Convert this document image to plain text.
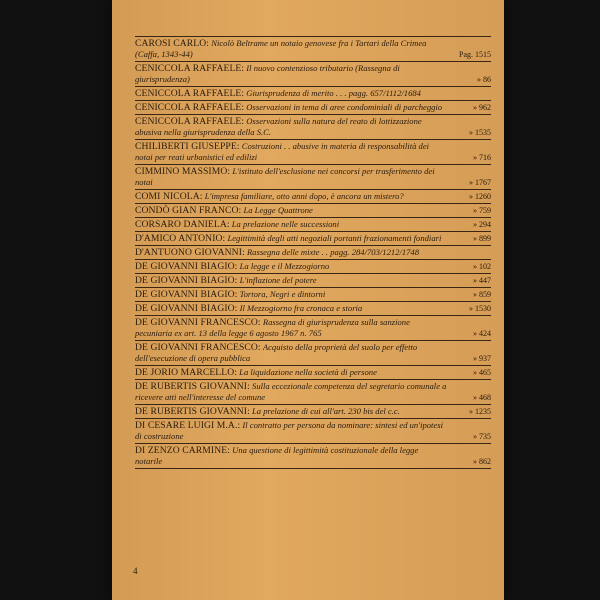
CAROSI CARLO: Nicolò Beltrame un notaio genovese fra i Tartari della Crimea (Caffa, 1343-44)	Pag. 1515
CENICCOLA RAFFAELE: Il nuovo contenzioso tributario (Rassegna di giurisprudenza)	» 86
CENICCOLA RAFFAELE: Giurisprudenza di merito . . . pagg. 657/1112/1684
CENICCOLA RAFFAELE: Osservazioni in tema di aree condominiali di parcheggio	» 962
CENICCOLA RAFFAELE: Osservazioni sulla natura del reato di lottizzazione abusiva nella giurisprudenza della S.C.	» 1535
CHILIBERTI GIUSEPPE: Costruzioni . . abusive in materia di responsabilità dei notai per reati urbanistici ed edilizi	» 716
CIMMINO MASSIMO: L'istituto dell'esclusione nei concorsi per trasferimento dei notai	» 1767
COMI NICOLA: L'impresa familiare, otto anni dopo, è ancora un mistero?	» 1260
CONDÒ GIAN FRANCO: La Legge Quattrone	» 759
CORSARO DANIELA: La prelazione nelle successioni	» 294
D'AMICO ANTONIO: Legittimità degli atti negoziali portanti frazionamenti fondiari	» 899
D'ANTUONO GIOVANNI: Rassegna delle mixte . . pagg. 284/703/1212/1748
DE GIOVANNI BIAGIO: La legge e il Mezzogiorno	» 102
DE GIOVANNI BIAGIO: L'inflazione del potere	» 447
DE GIOVANNI BIAGIO: Tortora, Negri e dintorni	» 859
DE GIOVANNI BIAGIO: Il Mezzogiorno fra cronaca e storia	» 1530
DE GIOVANNI FRANCESCO: Rassegna di giurisprudenza sulla sanzione pecuniaria ex art. 13 della legge 6 agosto 1967 n. 765	» 424
DE GIOVANNI FRANCESCO: Acquisto della proprietà del suolo per effetto dell'esecuzione di opera pubblica	» 937
DE JORIO MARCELLO: La liquidazione nella società di persone	» 465
DE RUBERTIS GIOVANNI: Sulla eccezionale competenza del segretario comunale a ricevere atti nell'interesse del comune	» 468
DE RUBERTIS GIOVANNI: La prelazione di cui all'art. 230 bis del c.c.	» 1235
DI CESARE LUIGI M.A.: Il contratto per persona da nominare: sintesi ed un'ipotesi di costruzione	» 735
DI ZENZO CARMINE: Una questione di legittimità costituzionale della legge notarile	» 862
4
